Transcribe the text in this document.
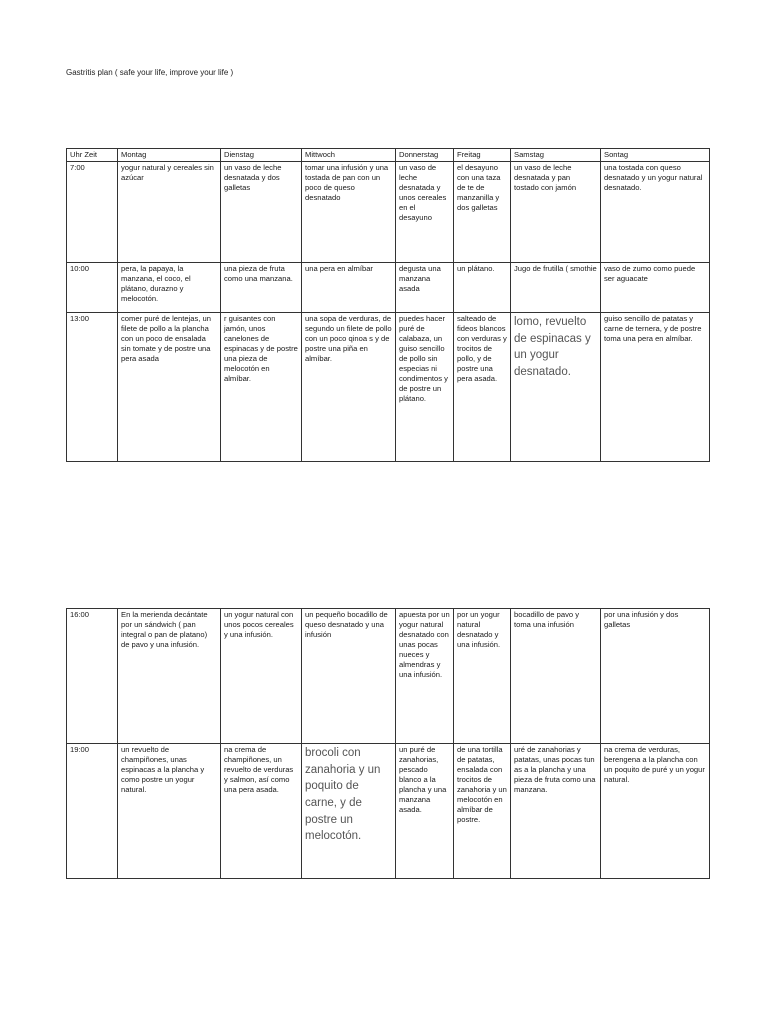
Gastritis plan ( safe your life, improve your life )
Uhr Zeit	Montag	Dienstag	Mittwoch	Donnerstag	Freitag	Samstag	Sontag
7:00	yogur natural y cereales sin azúcar	un vaso de leche desnatada y dos galletas	tomar una infusión y una tostada de pan con un poco de queso desnatado	un vaso de leche desnatada y unos cereales en el desayuno	el desayuno con una taza de te de manzanilla y dos galletas	un vaso de leche desnatada y pan tostado con jamón	una tostada con queso desnatado y un yogur natural desnatado.
10:00	pera, la papaya, la manzana, el coco, el plátano, durazno y melocotón.	una pieza de fruta como una manzana.	una pera en almíbar	degusta una manzana asada	un plátano.	Jugo de frutilla ( smothie	vaso de zumo como puede ser aguacate
13:00	comer puré de lentejas, un filete de pollo a la plancha con un poco de ensalada sin tomate y de postre una pera asada	r guisantes con jamón, unos canelones de espinacas y de postre una pieza de melocotón en almíbar.	una sopa de verduras, de segundo un filete de pollo con un poco qinoa s y de postre una piña en almíbar.	puedes hacer puré de calabaza, un guiso sencillo de pollo sin especias ni condimentos y de postre un plátano.	salteado de fideos blancos con verduras y trocitos de pollo, y de postre una pera asada.	lomo, revuelto de espinacas y un yogur desnatado.	guiso sencillo de patatas y carne de ternera, y de postre toma una pera en almíbar.
16:00	En la merienda decántate por un sándwich ( pan integral o pan de platano) de pavo y una infusión.	un yogur natural con unos pocos cereales y una infusión.	un pequeño bocadillo de queso desnatado y una infusión	apuesta por un yogur natural desnatado con unas pocas nueces y almendras y una infusión.	por un yogur natural desnatado y una infusión.	bocadillo de pavo y toma una infusión	por una infusión y dos galletas
19:00	un revuelto de champiñones, unas espinacas a la plancha y como postre un yogur natural.	na crema de champiñones, un revuelto de verduras y salmon, así como una pera asada.	brocoli con zanahoria y un poquito de carne, y de postre un melocotón.	un puré de zanahorias, pescado blanco a la plancha y una manzana asada.	de una tortilla de patatas, ensalada con trocitos de zanahoria y un melocotón en almíbar de postre.	uré de zanahorias y patatas, unas pocas tun as a la plancha y una pieza de fruta como una manzana.	na crema de verduras, berengena a la plancha con un poquito de puré y un yogur natural.
